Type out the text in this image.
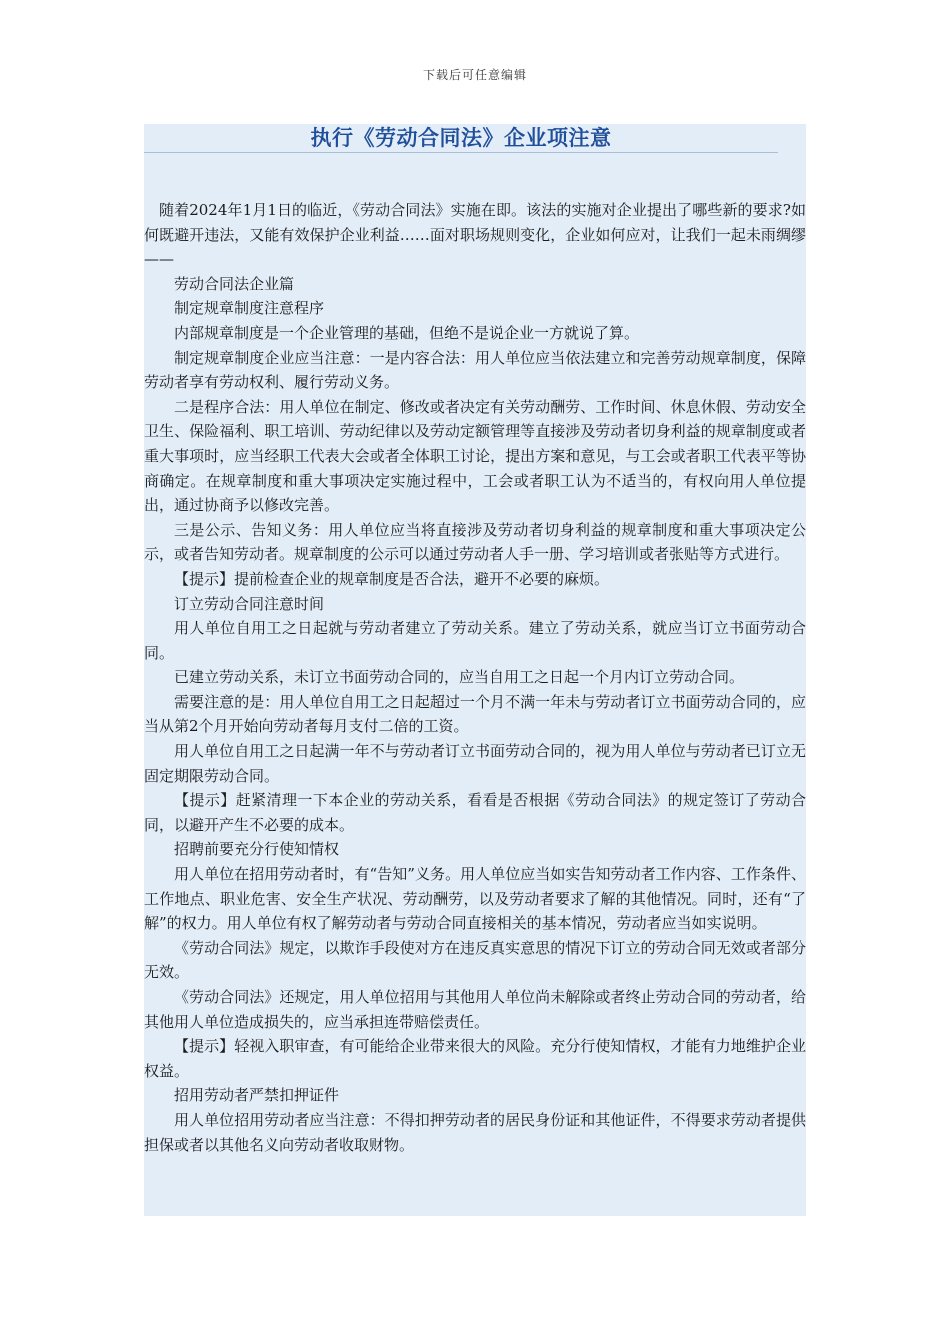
下载后可任意编辑
执行《劳动合同法》企业项注意

随着2024年1月1日的临近，《劳动合同法》实施在即。该法的实施对企业提出了哪些新的要求?如何既避开违法，又能有效保护企业利益……面对职场规则变化，企业如何应对，让我们一起未雨绸缪——

劳动合同法企业篇

制定规章制度注意程序

内部规章制度是一个企业管理的基础，但绝不是说企业一方就说了算。

制定规章制度企业应当注意：一是内容合法：用人单位应当依法建立和完善劳动规章制度，保障劳动者享有劳动权利、履行劳动义务。

二是程序合法：用人单位在制定、修改或者决定有关劳动酬劳、工作时间、休息休假、劳动安全卫生、保险福利、职工培训、劳动纪律以及劳动定额管理等直接涉及劳动者切身利益的规章制度或者重大事项时，应当经职工代表大会或者全体职工讨论，提出方案和意见，与工会或者职工代表平等协商确定。在规章制度和重大事项决定实施过程中，工会或者职工认为不适当的，有权向用人单位提出，通过协商予以修改完善。

三是公示、告知义务：用人单位应当将直接涉及劳动者切身利益的规章制度和重大事项决定公示，或者告知劳动者。规章制度的公示可以通过劳动者人手一册、学习培训或者张贴等方式进行。

【提示】提前检查企业的规章制度是否合法，避开不必要的麻烦。

订立劳动合同注意时间

用人单位自用工之日起就与劳动者建立了劳动关系。建立了劳动关系，就应当订立书面劳动合同。

已建立劳动关系，未订立书面劳动合同的，应当自用工之日起一个月内订立劳动合同。

需要注意的是：用人单位自用工之日起超过一个月不满一年未与劳动者订立书面劳动合同的，应当从第2个月开始向劳动者每月支付二倍的工资。

用人单位自用工之日起满一年不与劳动者订立书面劳动合同的，视为用人单位与劳动者已订立无固定期限劳动合同。

【提示】赶紧清理一下本企业的劳动关系，看看是否根据《劳动合同法》的规定签订了劳动合同，以避开产生不必要的成本。

招聘前要充分行使知情权

用人单位在招用劳动者时，有“告知”义务。用人单位应当如实告知劳动者工作内容、工作条件、工作地点、职业危害、安全生产状况、劳动酬劳，以及劳动者要求了解的其他情况。同时，还有“了解”的权力。用人单位有权了解劳动者与劳动合同直接相关的基本情况，劳动者应当如实说明。

《劳动合同法》规定，以欺诈手段使对方在违反真实意思的情况下订立的劳动合同无效或者部分无效。

《劳动合同法》还规定，用人单位招用与其他用人单位尚未解除或者终止劳动合同的劳动者，给其他用人单位造成损失的，应当承担连带赔偿责任。

【提示】轻视入职审查，有可能给企业带来很大的风险。充分行使知情权，才能有力地维护企业权益。

招用劳动者严禁扣押证件

用人单位招用劳动者应当注意：不得扣押劳动者的居民身份证和其他证件，不得要求劳动者提供担保或者以其他名义向劳动者收取财物。
